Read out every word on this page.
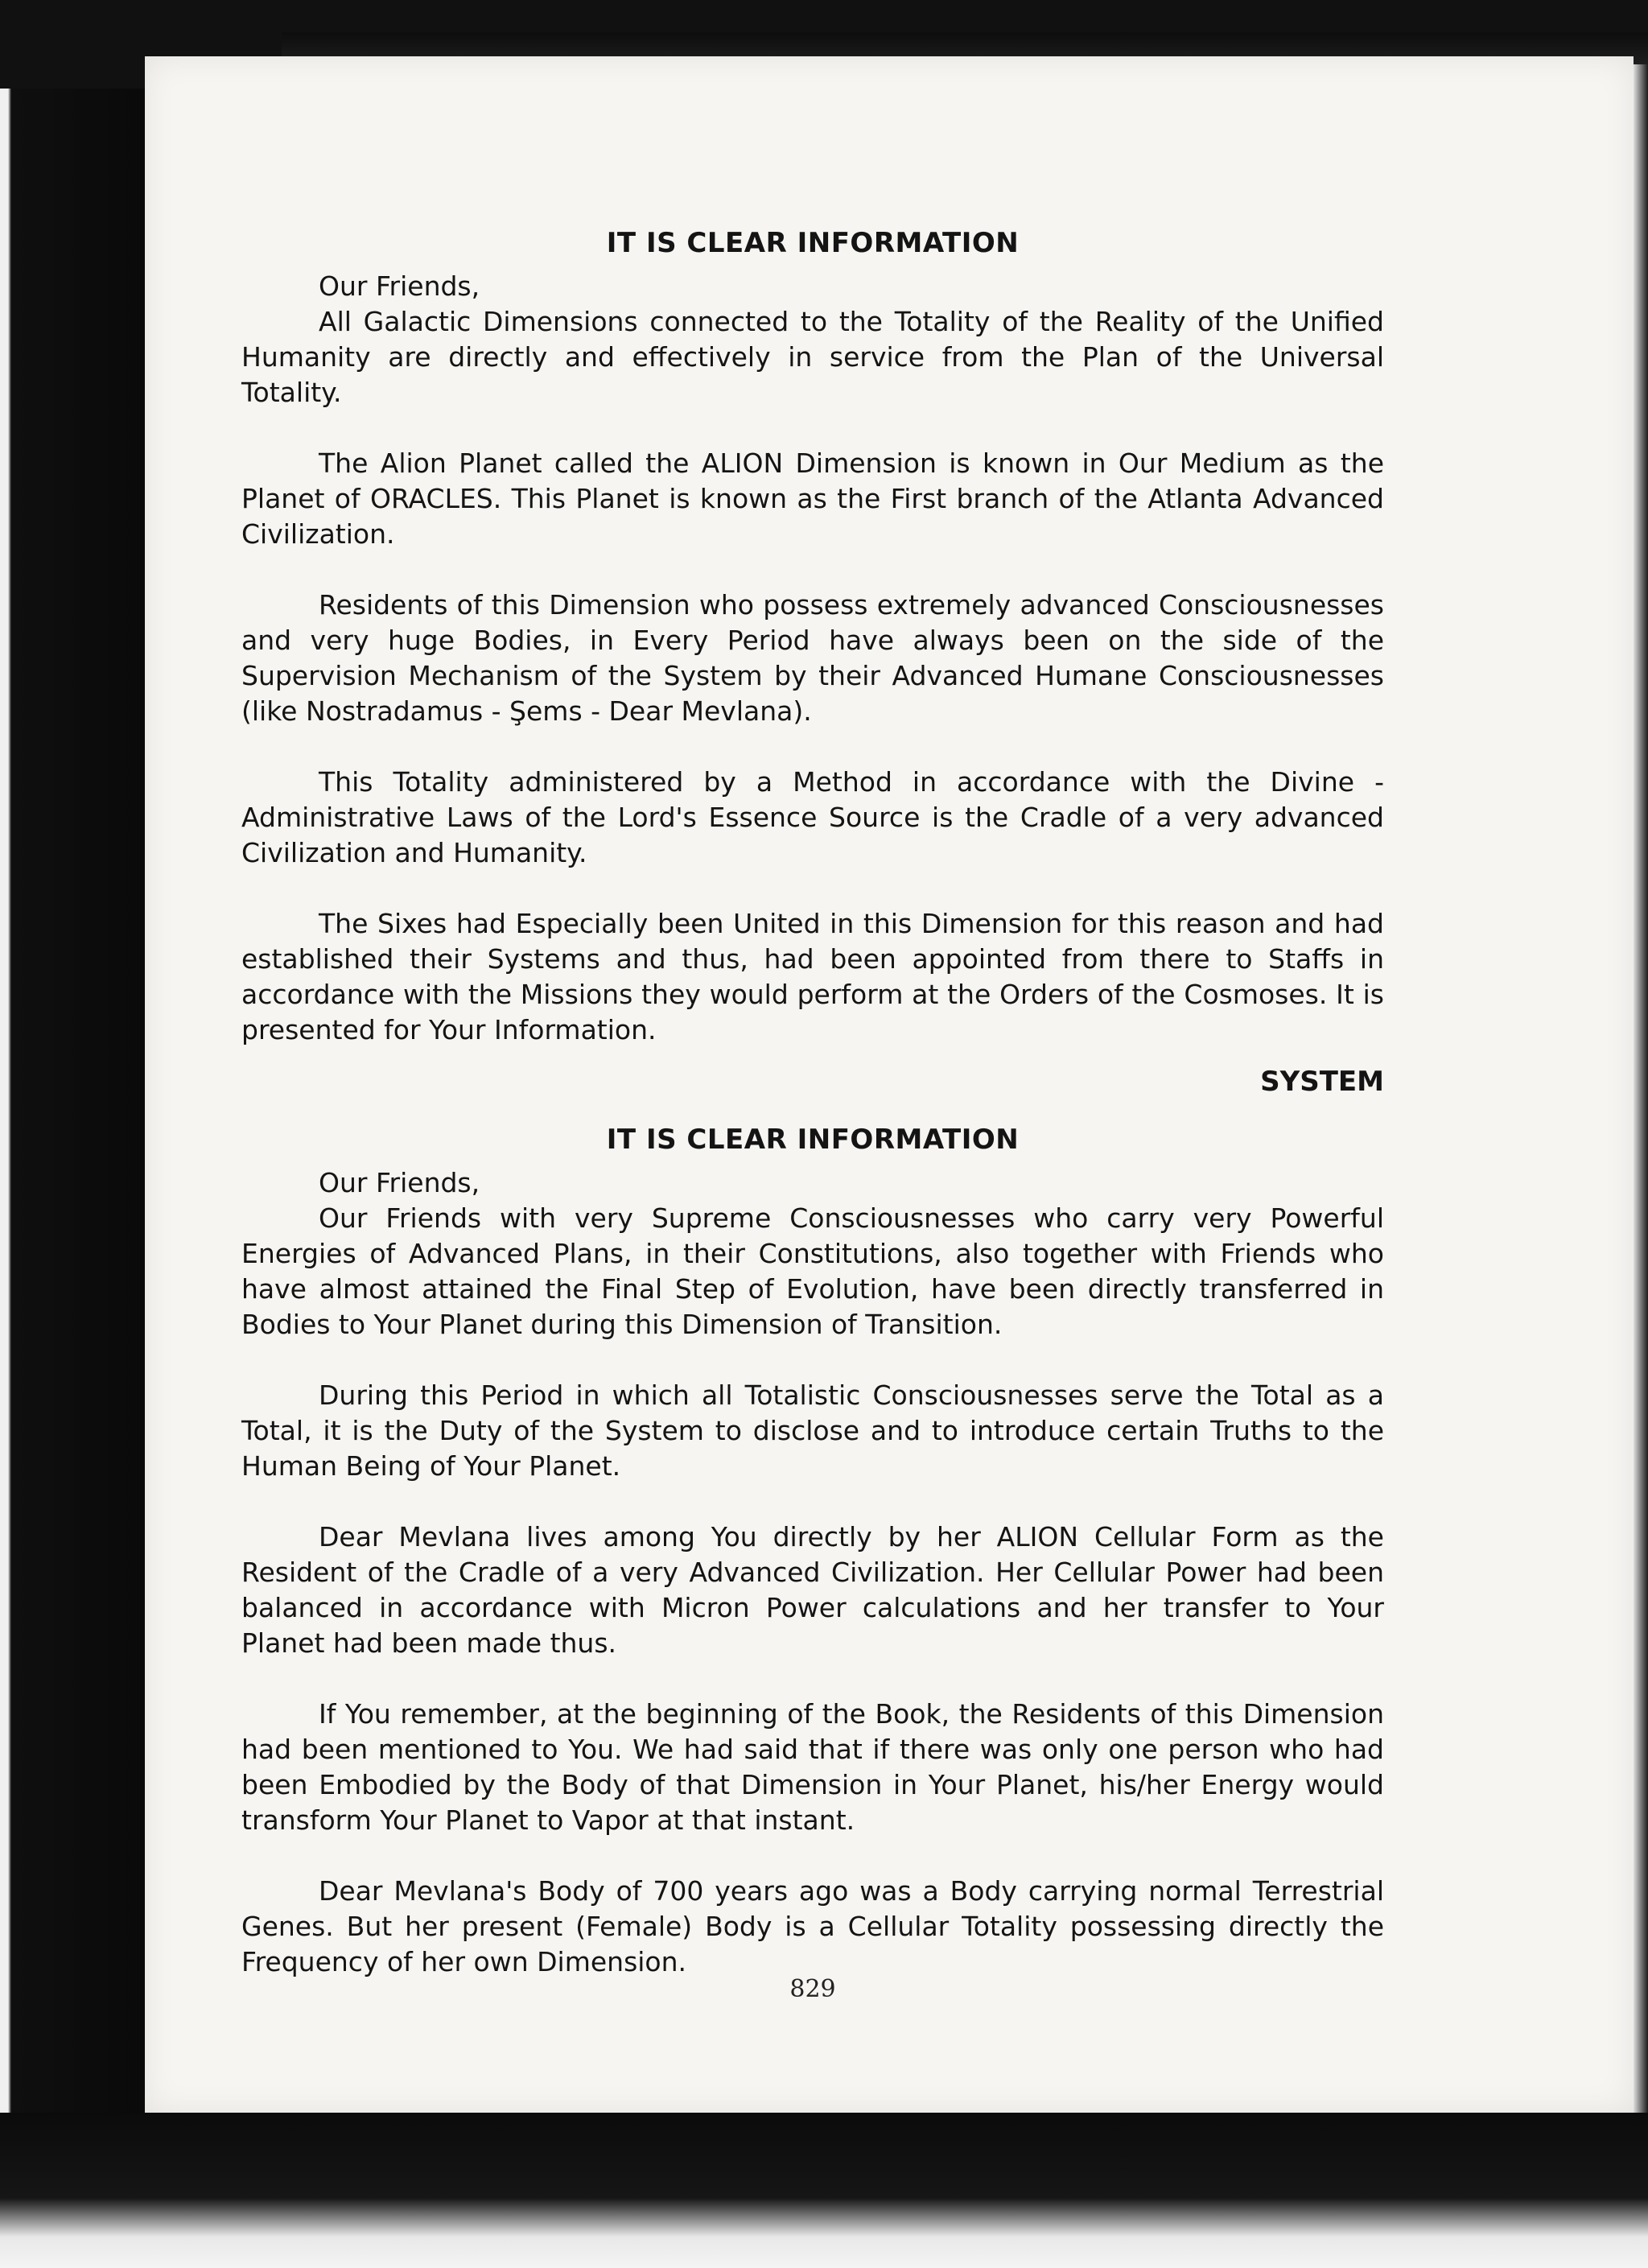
IT IS CLEAR INFORMATION

Our Friends,

All Galactic Dimensions connected to the Totality of the Reality of the Unified Humanity are directly and effectively in service from the Plan of the Universal Totality.

The Alion Planet called the ALION Dimension is known in Our Medium as the Planet of ORACLES. This Planet is known as the First branch of the Atlanta Advanced Civilization.

Residents of this Dimension who possess extremely advanced Consciousnesses and very huge Bodies, in Every Period have always been on the side of the Supervision Mechanism of the System by their Advanced Humane Consciousnesses (like Nostradamus - Şems - Dear Mevlana).

This Totality administered by a Method in accordance with the Divine - Administrative Laws of the Lord's Essence Source is the Cradle of a very advanced Civilization and Humanity.

The Sixes had Especially been United in this Dimension for this reason and had established their Systems and thus, had been appointed from there to Staffs in accordance with the Missions they would perform at the Orders of the Cosmoses. It is presented for Your Information.

SYSTEM

IT IS CLEAR INFORMATION

Our Friends,

Our Friends with very Supreme Consciousnesses who carry very Powerful Energies of Advanced Plans, in their Constitutions, also together with Friends who have almost attained the Final Step of Evolution, have been directly transferred in Bodies to Your Planet during this Dimension of Transition.

During this Period in which all Totalistic Consciousnesses serve the Total as a Total, it is the Duty of the System to disclose and to introduce certain Truths to the Human Being of Your Planet.

Dear Mevlana lives among You directly by her ALION Cellular Form as the Resident of the Cradle of a very Advanced Civilization. Her Cellular Power had been balanced in accordance with Micron Power calculations and her transfer to Your Planet had been made thus.

If You remember, at the beginning of the Book, the Residents of this Dimension had been mentioned to You. We had said that if there was only one person who had been Embodied by the Body of that Dimension in Your Planet, his/her Energy would transform Your Planet to Vapor at that instant.

Dear Mevlana's Body of 700 years ago was a Body carrying normal Terrestrial Genes. But her present (Female) Body is a Cellular Totality possessing directly the Frequency of her own Dimension.

829
